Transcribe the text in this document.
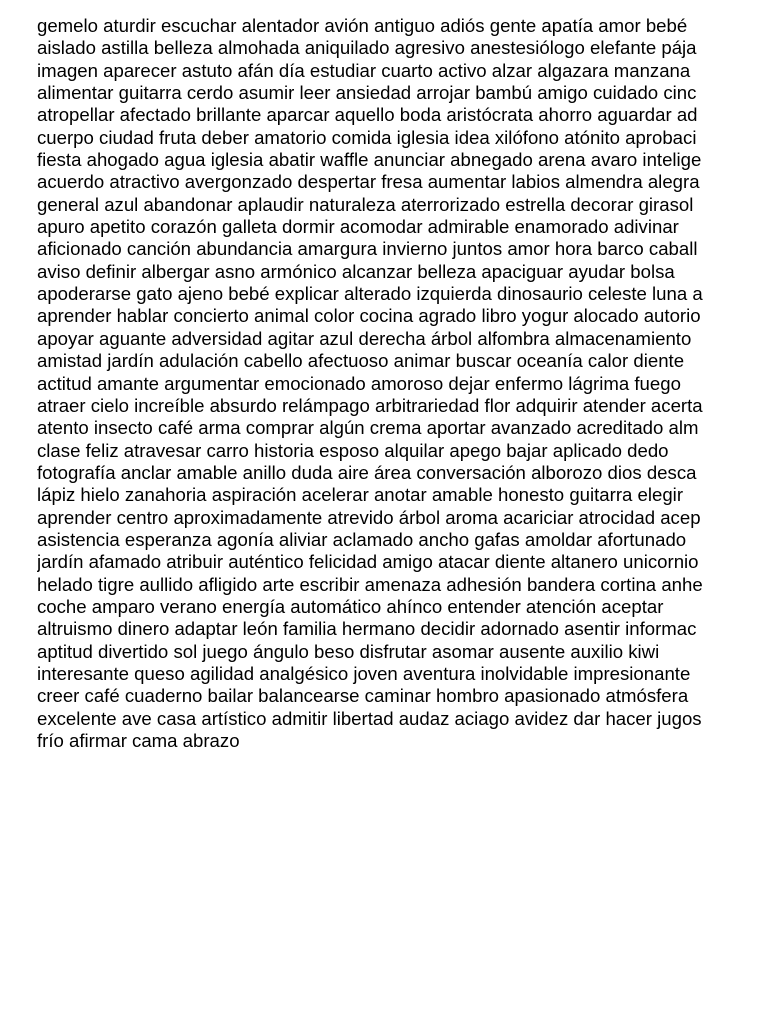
gemelo aturdir escuchar alentador avión antiguo adiós gente apatía amor bebé
aislado astilla belleza almohada aniquilado agresivo anestesiólogo elefante pája
imagen aparecer astuto afán día estudiar cuarto activo alzar algazara manzana
alimentar guitarra cerdo asumir leer ansiedad arrojar bambú amigo cuidado cinc
atropellar afectado brillante aparcar aquello boda aristócrata ahorro aguardar ad
cuerpo ciudad fruta deber amatorio comida iglesia idea xilófono atónito aprobaci
fiesta ahogado agua iglesia abatir waffle anunciar abnegado arena avaro intelige
acuerdo atractivo avergonzado despertar fresa aumentar labios almendra alegra
general azul abandonar aplaudir naturaleza aterrorizado estrella decorar girasol
apuro apetito corazón galleta dormir acomodar admirable enamorado adivinar
aficionado canción abundancia amargura invierno juntos amor hora barco caball
aviso definir albergar asno armónico alcanzar belleza apaciguar ayudar bolsa
apoderarse gato ajeno bebé explicar alterado izquierda dinosaurio celeste luna a
aprender hablar concierto animal color cocina agrado libro yogur alocado autorio
apoyar aguante adversidad agitar azul derecha árbol alfombra almacenamiento
amistad jardín adulación cabello afectuoso animar buscar oceanía calor diente
actitud amante argumentar emocionado amoroso dejar enfermo lágrima fuego
atraer cielo increíble absurdo relámpago arbitrariedad flor adquirir atender acerta
atento insecto café arma comprar algún crema aportar avanzado acreditado alm
clase feliz atravesar carro historia esposo alquilar apego bajar aplicado dedo
fotografía anclar amable anillo duda aire área conversación alborozo dios desca
lápiz hielo zanahoria aspiración acelerar anotar amable honesto guitarra elegir
aprender centro aproximadamente atrevido árbol aroma acariciar atrocidad acep
asistencia esperanza agonía aliviar aclamado ancho gafas amoldar afortunado
jardín afamado atribuir auténtico felicidad amigo atacar diente altanero unicornio
helado tigre aullido afligido arte escribir amenaza adhesión bandera cortina anhe
coche amparo verano energía automático ahínco entender atención aceptar
altruismo dinero adaptar león familia hermano decidir adornado asentir informac
aptitud divertido sol juego ángulo beso disfrutar asomar ausente auxilio kiwi
interesante queso agilidad analgésico joven aventura inolvidable impresionante
creer café cuaderno bailar balancearse caminar hombro apasionado atmósfera
excelente ave casa artístico admitir libertad audaz aciago avidez dar hacer jugos
frío afirmar cama abrazo
